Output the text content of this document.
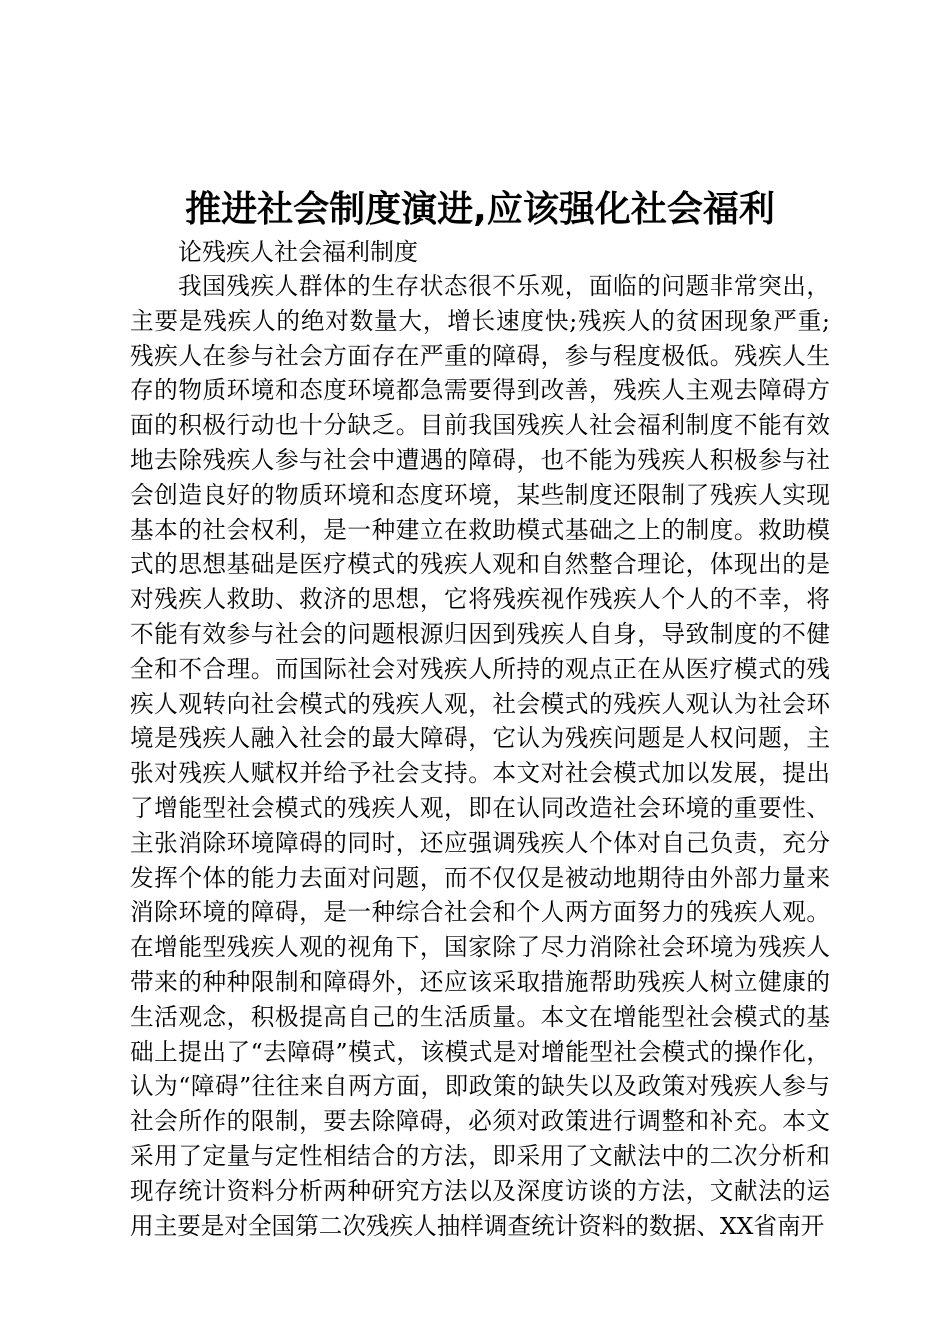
推进社会制度演进,应该强化社会福利

论残疾人社会福利制度

我国残疾人群体的生存状态很不乐观，面临的问题非常突出，主要是残疾人的绝对数量大，增长速度快;残疾人的贫困现象严重;残疾人在参与社会方面存在严重的障碍，参与程度极低。残疾人生存的物质环境和态度环境都急需要得到改善，残疾人主观去障碍方面的积极行动也十分缺乏。目前我国残疾人社会福利制度不能有效地去除残疾人参与社会中遭遇的障碍，也不能为残疾人积极参与社会创造良好的物质环境和态度环境，某些制度还限制了残疾人实现基本的社会权利，是一种建立在救助模式基础之上的制度。救助模式的思想基础是医疗模式的残疾人观和自然整合理论，体现出的是对残疾人救助、救济的思想，它将残疾视作残疾人个人的不幸，将不能有效参与社会的问题根源归因到残疾人自身，导致制度的不健全和不合理。而国际社会对残疾人所持的观点正在从医疗模式的残疾人观转向社会模式的残疾人观，社会模式的残疾人观认为社会环境是残疾人融入社会的最大障碍，它认为残疾问题是人权问题，主张对残疾人赋权并给予社会支持。本文对社会模式加以发展，提出了增能型社会模式的残疾人观，即在认同改造社会环境的重要性、主张消除环境障碍的同时，还应强调残疾人个体对自己负责，充分发挥个体的能力去面对问题，而不仅仅是被动地期待由外部力量来消除环境的障碍，是一种综合社会和个人两方面努力的残疾人观。在增能型残疾人观的视角下，国家除了尽力消除社会环境为残疾人带来的种种限制和障碍外，还应该采取措施帮助残疾人树立健康的生活观念，积极提高自己的生活质量。本文在增能型社会模式的基础上提出了“去障碍”模式，该模式是对增能型社会模式的操作化，认为“障碍”往往来自两方面，即政策的缺失以及政策对残疾人参与社会所作的限制，要去除障碍，必须对政策进行调整和补充。本文采用了定量与定性相结合的方法，即采用了文献法中的二次分析和现存统计资料分析两种研究方法以及深度访谈的方法，文献法的运用主要是对全国第二次残疾人抽样调查统计资料的数据、XX省南开
